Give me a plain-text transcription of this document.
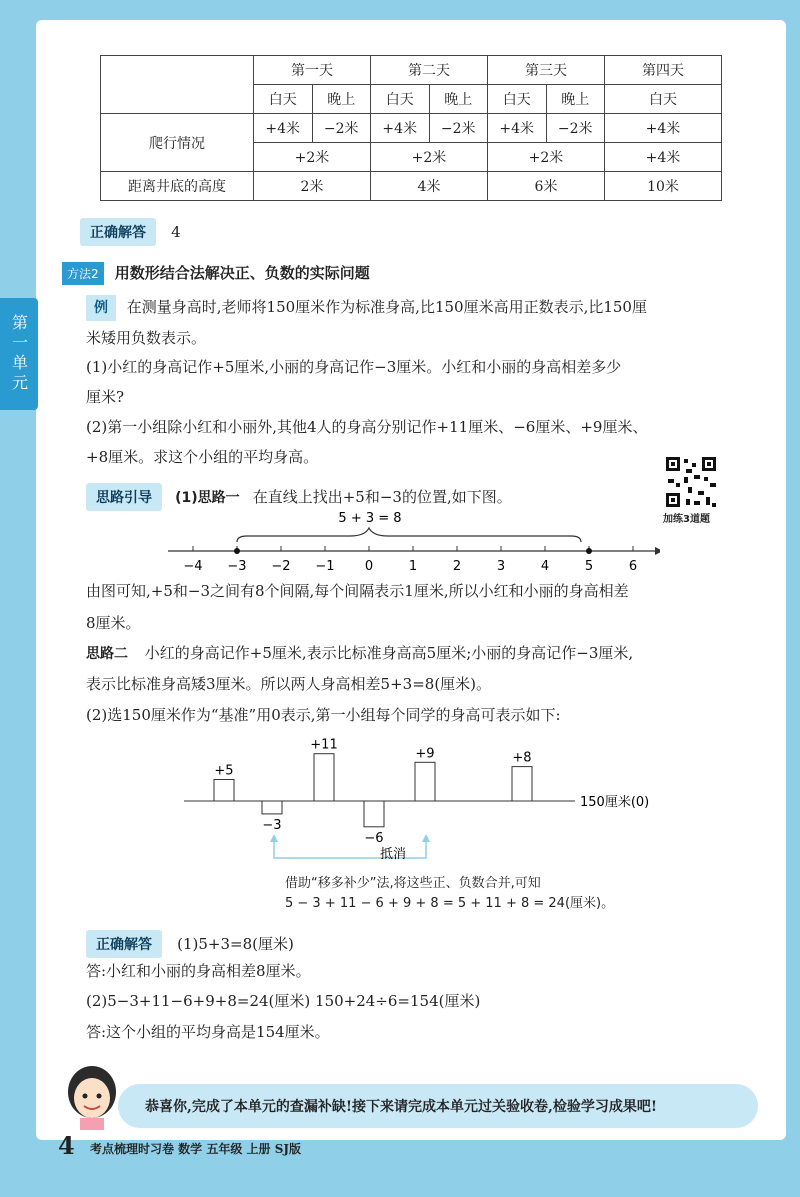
第一单元
	第一天		第二天		第三天		第四天
	白天	晚上	白天	晚上	白天	晚上	白天
爬行情况	+4米	−2米	+4米	−2米	+4米	−2米	+4米
	+2米		+2米		+2米		+4米
距离井底的高度	2米		4米		6米		10米
正确解答 4
方法2 用数形结合法解决正、负数的实际问题
例 在测量身高时,老师将150厘米作为标准身高,比150厘米高用正数表示,比150厘
米矮用负数表示。
(1)小红的身高记作+5厘米,小丽的身高记作−3厘米。小红和小丽的身高相差多少
厘米?
(2)第一小组除小红和小丽外,其他4人的身高分别记作+11厘米、−6厘米、+9厘米、
+8厘米。求这个小组的平均身高。
加练3道题
思路引导 (1)思路一 在直线上找出+5和−3的位置,如下图。
5 + 3 = 8
−4 −3 −2 −1 0	1	2	3	4	5	6
由图可知,+5和−3之间有8个间隔,每个间隔表示1厘米,所以小红和小丽的身高相差
8厘米。
思路二 小红的身高记作+5厘米,表示比标准身高高5厘米;小丽的身高记作−3厘米,
表示比标准身高矮3厘米。所以两人身高相差5+3=8(厘米)。
(2)选150厘米作为“基准”用0表示,第一小组每个同学的身高可表示如下:
+5
−3
+11
−6
+9	+8
150厘米(0)
抵消
借助“移多补少”法,将这些正、负数合并,可知
5 − 3 + 11 − 6 + 9 + 8 = 5 + 11 + 8 = 24(厘米)。
正确解答 (1)5+3=8(厘米)
答:小红和小丽的身高相差8厘米。
(2)5−3+11−6+9+8=24(厘米) 150+24÷6=154(厘米)
答:这个小组的平均身高是154厘米。
恭喜你,完成了本单元的查漏补缺!接下来请完成本单元过关验收卷,检验学习成果吧!
4 考点梳理时习卷 数学 五年级 上册 SJ版
